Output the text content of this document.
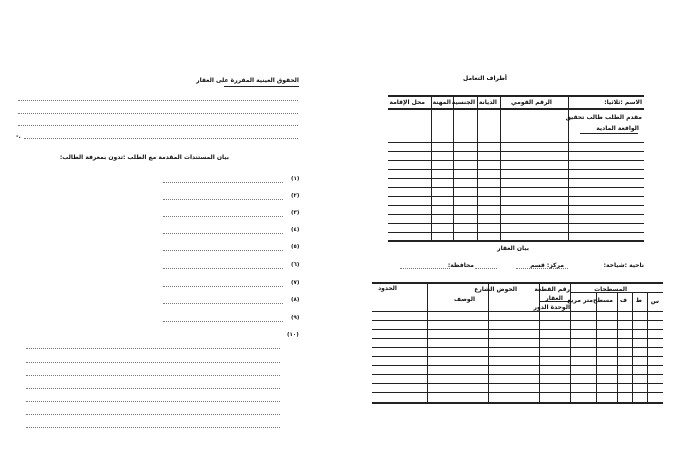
الحقوق العينية المقررة على العقار
-.
بيان المستندات المقدمة مع الطلب :تدون بمعرفة الطالب:
(١)
(٢)
(٣)
(٤)
(٥)
(٦)
(٧)
(٨)
(٩)
(١٠)
أطراف التعامل
الاسم :ثلاثيا:
الرقم القومي
الديانة
الجنسية
المهنة
محل الإقامة
مقدم الطلب طالب تحقيق
الواقعة المادية
بيان العقار
ناحية :شياخة:
مركز: قسم
محافظة:
المسطحات
س
ط
ف
مسطح
متر مربع
رقم القطعة
العقار
الوحدة الدور
الحوض الشارع
الوصف
الحدود
